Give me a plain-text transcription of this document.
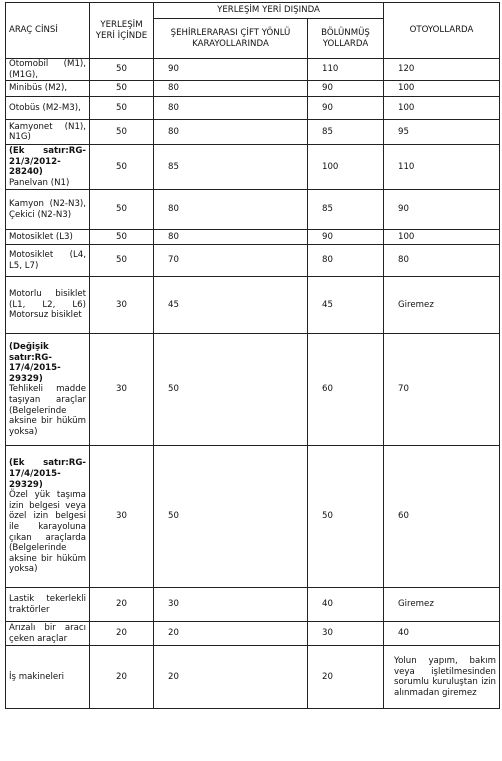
ARAÇ CİNSİ	YERLEŞİM YERİ İÇİNDE	YERLEŞİM YERİ DIŞINDA		OTOYOLLARDA
		ŞEHİRLERARASI ÇİFT YÖNLÜ KARAYOLLARINDA	BÖLÜNMÜŞ YOLLARDA	
Otomobil (M1), (M1G),	50	90	110	120
Minibüs (M2),	50	80	90	100
Otobüs (M2-M3),	50	80	90	100
Kamyonet (N1), N1G)	50	80	85	95

(Ek satır:RG-21/3/2012-28240)
Panelvan (N1)	50	85	100	110
Kamyon (N2-N3), Çekici (N2-N3)	50	80	85	90
Motosiklet (L3)	50	80	90	100
Motosiklet (L4, L5, L7)	50	70	80	80
Motorlu bisiklet (L1, L2, L6) Motorsuz bisiklet	30	45	45	Giremez

(Değişik satır:RG-17/4/2015-29329)
Tehlikeli madde taşıyan araçlar (Belgelerinde aksine bir hüküm yoksa)	30	50	60	70

(Ek satır:RG-17/4/2015-29329)
Özel yük taşıma izin belgesi veya özel izin belgesi ile karayoluna çıkan araçlarda (Belgelerinde aksine bir hüküm yoksa)	30	50	50	60
Lastik tekerlekli traktörler	20	30	40	Giremez
Arızalı bir aracı çeken araçlar	20	20	30	40
İş makineleri	20	20	20	Yolun yapım, bakım veya işletilmesinden sorumlu kuruluştan izin alınmadan giremez
